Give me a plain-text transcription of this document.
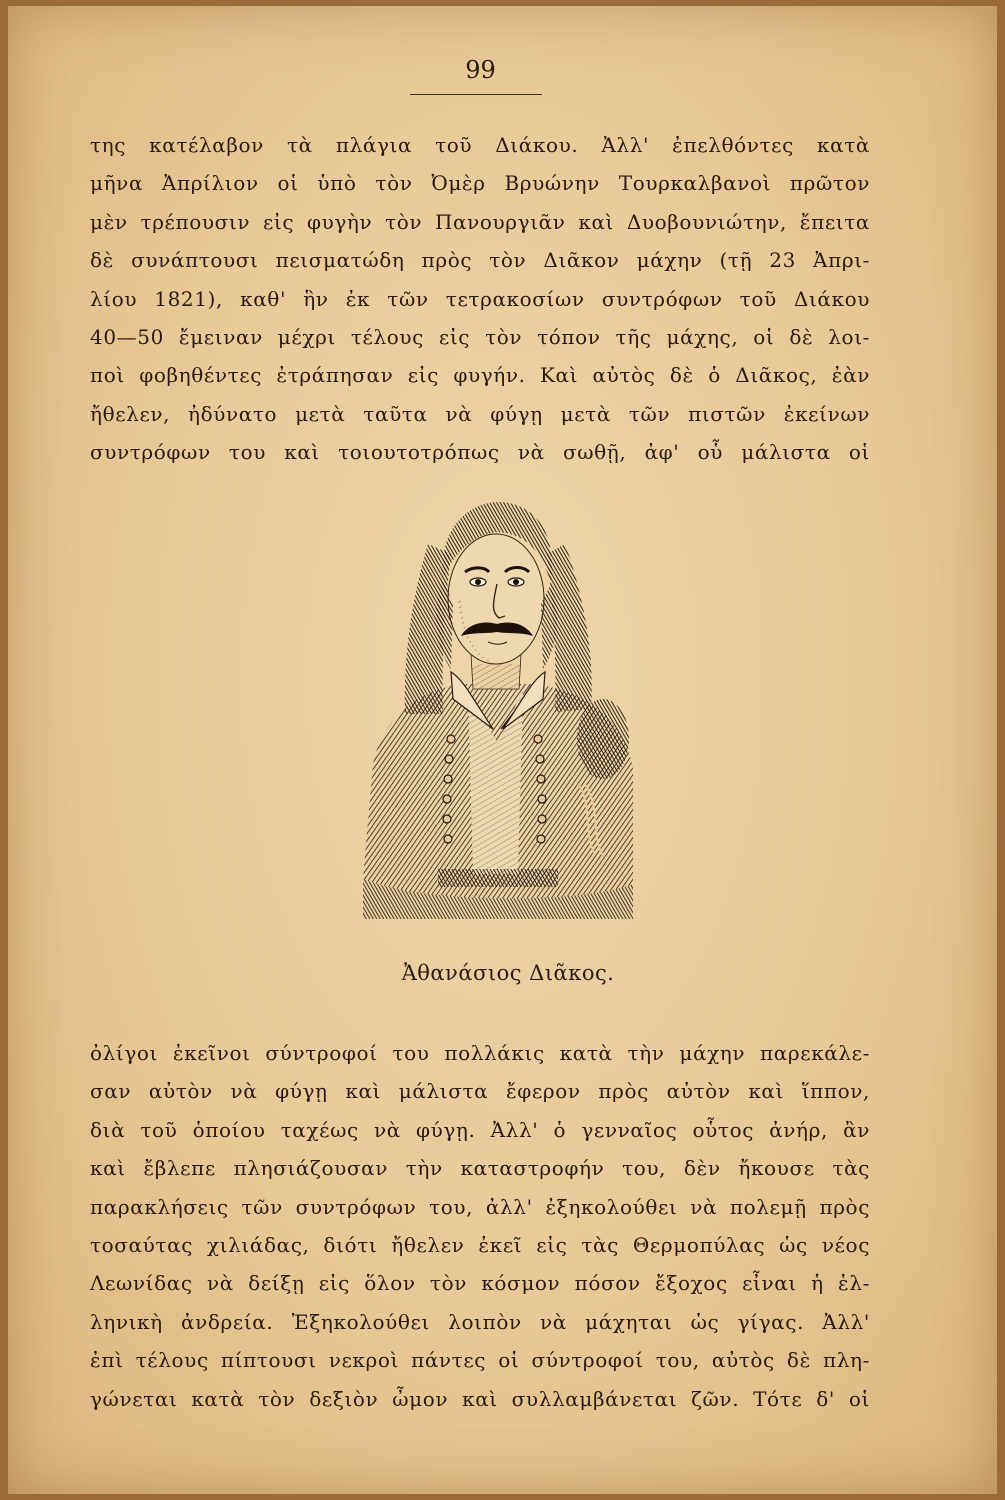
99
της κατέλαβον τὰ πλάγια τοῦ Διάκου. Ἀλλ' ἐπελθόντες κατὰ
μῆνα Ἀπρίλιον οἱ ὑπὸ τὸν Ὀμὲρ Βρυώνην Τουρκαλβανοὶ πρῶτον
μὲν τρέπουσιν εἰς φυγὴν τὸν Πανουργιᾶν καὶ Δυοβουνιώτην, ἔπειτα
δὲ συνάπτουσι πεισματώδη πρὸς τὸν Διᾶκον μάχην (τῇ 23 Ἀπρι-
λίου 1821), καθ' ἣν ἐκ τῶν τετρακοσίων συντρόφων τοῦ Διάκου
40—50 ἔμειναν μέχρι τέλους εἰς τὸν τόπον τῆς μάχης, οἱ δὲ λοι-
ποὶ φοβηθέντες ἐτράπησαν εἰς φυγήν. Καὶ αὐτὸς δὲ ὁ Διᾶκος, ἐὰν
ἤθελεν, ἠδύνατο μετὰ ταῦτα νὰ φύγῃ μετὰ τῶν πιστῶν ἐκείνων
συντρόφων του καὶ τοιουτοτρόπως νὰ σωθῇ, ἀφ' οὗ μάλιστα οἱ
Ἀθανάσιος Διᾶκος.
ὀλίγοι ἐκεῖνοι σύντροφοί του πολλάκις κατὰ τὴν μάχην παρεκάλε-
σαν αὐτὸν νὰ φύγῃ καὶ μάλιστα ἔφερον πρὸς αὐτὸν καὶ ἵππον,
διὰ τοῦ ὁποίου ταχέως νὰ φύγῃ. Ἀλλ' ὁ γενναῖος οὗτος ἀνήρ, ἂν
καὶ ἔβλεπε πλησιάζουσαν τὴν καταστροφήν του, δὲν ἤκουσε τὰς
παρακλήσεις τῶν συντρόφων του, ἀλλ' ἐξηκολούθει νὰ πολεμῇ πρὸς
τοσαύτας χιλιάδας, διότι ἤθελεν ἐκεῖ εἰς τὰς Θερμοπύλας ὡς νέος
Λεωνίδας νὰ δείξῃ εἰς ὅλον τὸν κόσμον πόσον ἔξοχος εἶναι ἡ ἑλ-
ληνικὴ ἀνδρεία. Ἐξηκολούθει λοιπὸν νὰ μάχηται ὡς γίγας. Ἀλλ'
ἐπὶ τέλους πίπτουσι νεκροὶ πάντες οἱ σύντροφοί του, αὐτὸς δὲ πλη-
γώνεται κατὰ τὸν δεξιὸν ὦμον καὶ συλλαμβάνεται ζῶν. Τότε δ' οἱ
